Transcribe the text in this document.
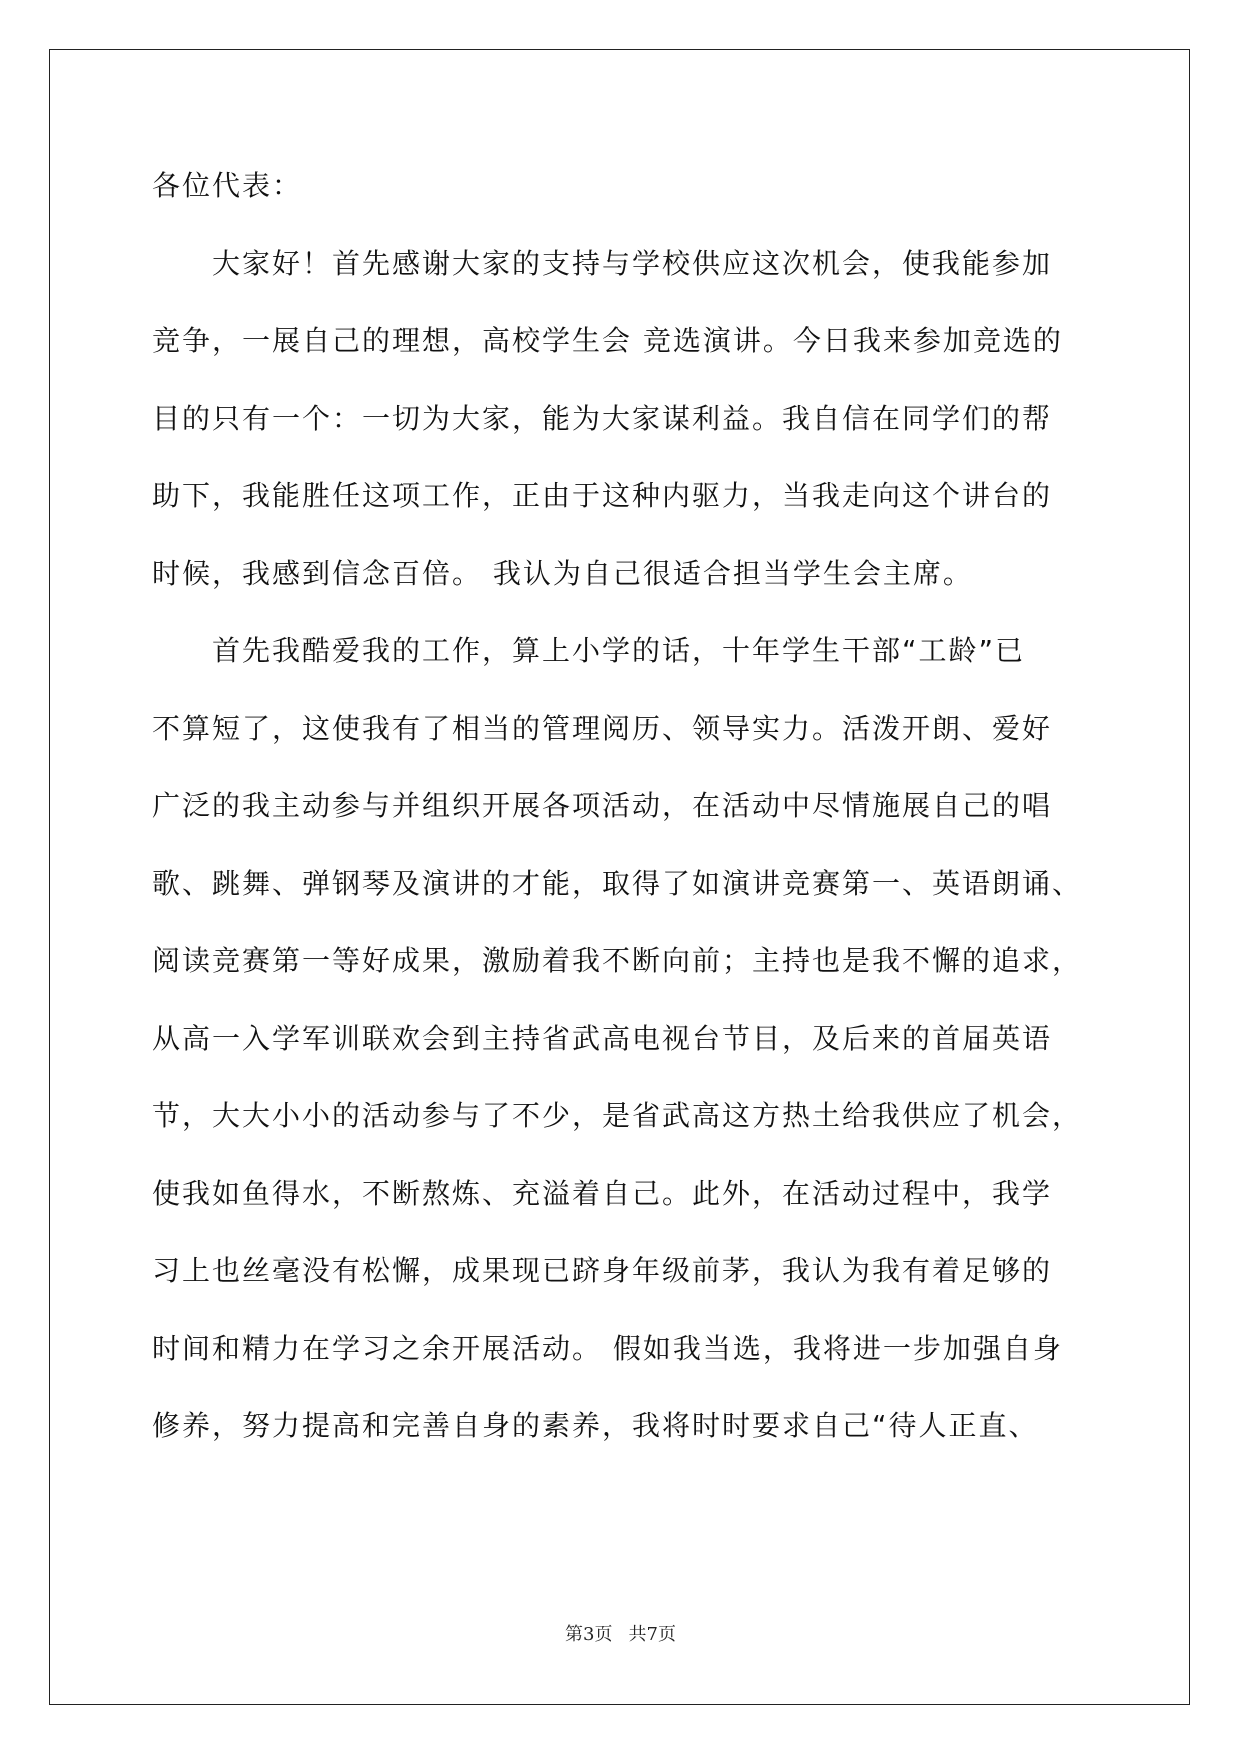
各位代表：
　　大家好！首先感谢大家的支持与学校供应这次机会，使我能参加
竞争，一展自己的理想，高校学生会 竞选演讲。今日我来参加竞选的
目的只有一个：一切为大家，能为大家谋利益。我自信在同学们的帮
助下，我能胜任这项工作，正由于这种内驱力，当我走向这个讲台的
时候，我感到信念百倍。 我认为自己很适合担当学生会主席。
　　首先我酷爱我的工作，算上小学的话，十年学生干部“工龄”已
不算短了，这使我有了相当的管理阅历、领导实力。活泼开朗、爱好
广泛的我主动参与并组织开展各项活动，在活动中尽情施展自己的唱
歌、跳舞、弹钢琴及演讲的才能，取得了如演讲竞赛第一、英语朗诵、
阅读竞赛第一等好成果，激励着我不断向前；主持也是我不懈的追求，
从高一入学军训联欢会到主持省武高电视台节目，及后来的首届英语
节，大大小小的活动参与了不少，是省武高这方热土给我供应了机会，
使我如鱼得水，不断熬炼、充溢着自己。此外，在活动过程中，我学
习上也丝毫没有松懈，成果现已跻身年级前茅，我认为我有着足够的
时间和精力在学习之余开展活动。 假如我当选，我将进一步加强自身
修养，努力提高和完善自身的素养，我将时时要求自己“待人正直、
第3页 共7页
